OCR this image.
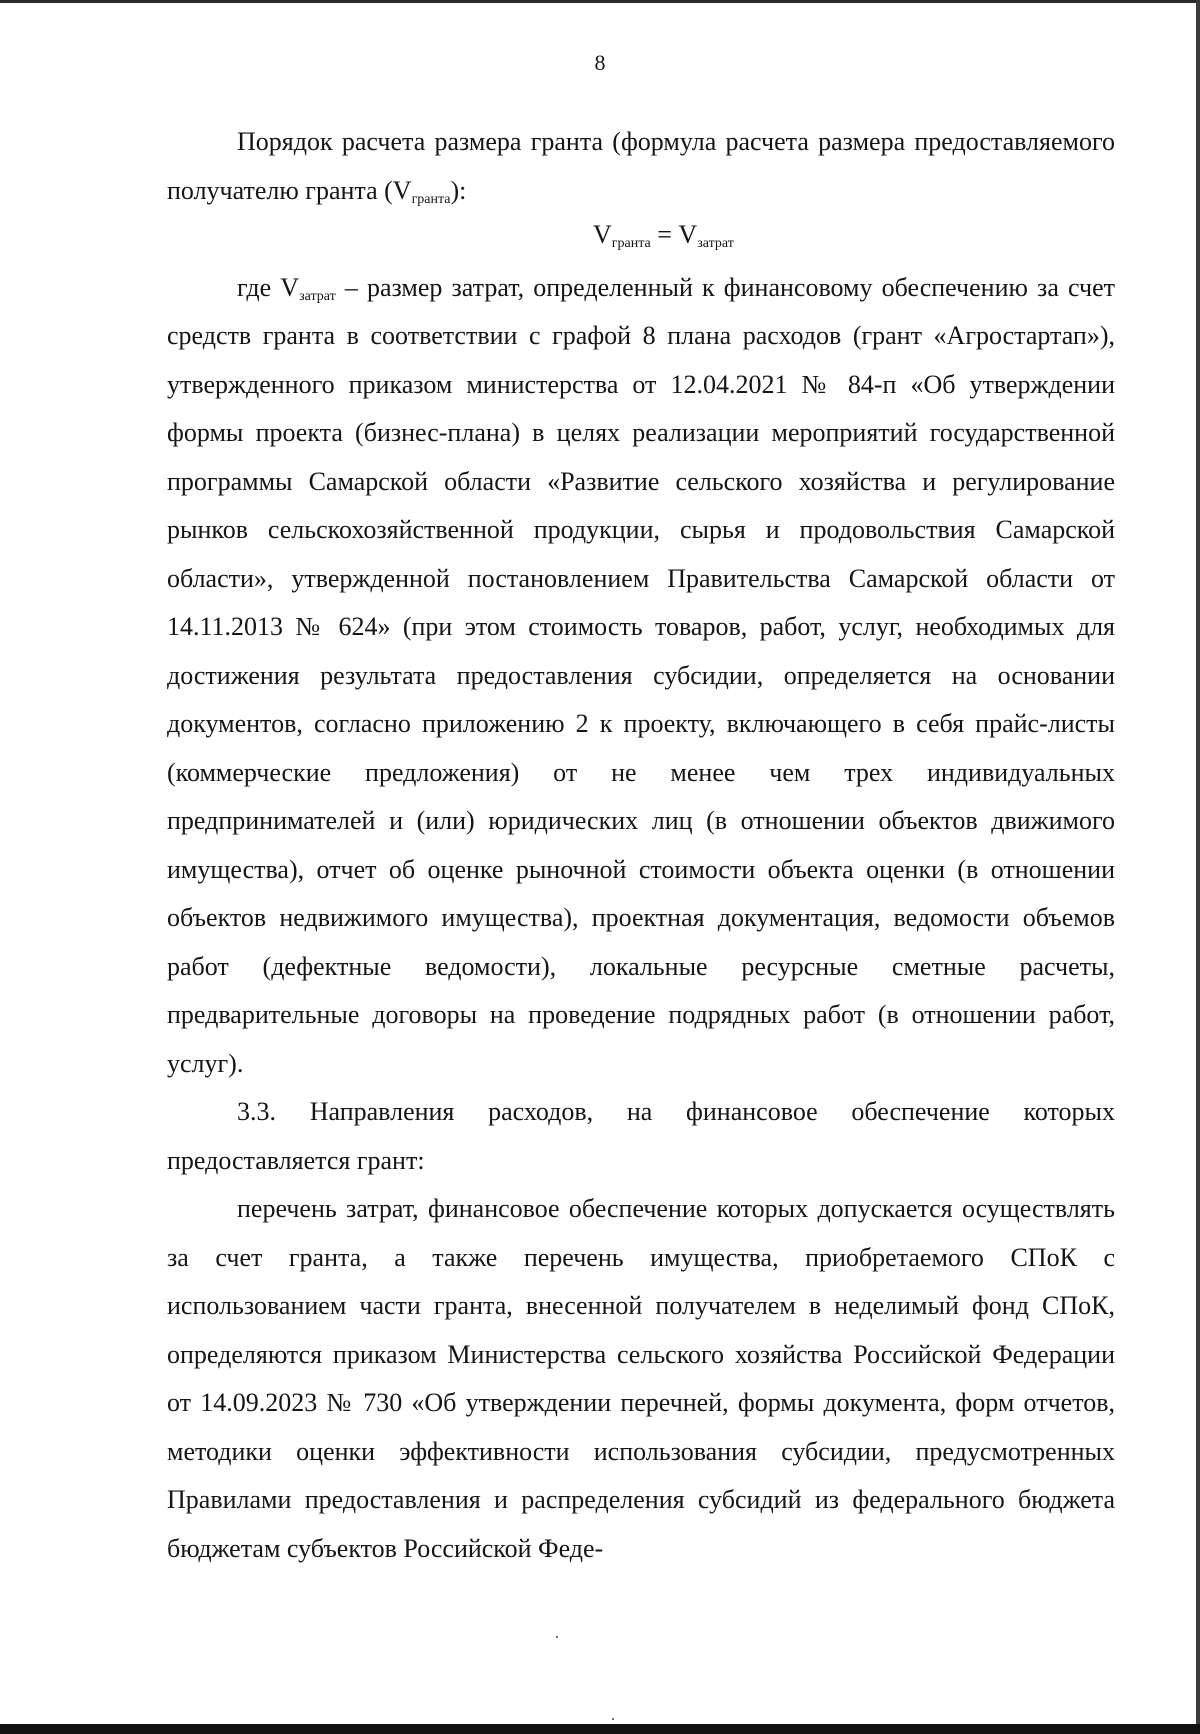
8

Порядок расчета размера гранта (формула расчета размера предоставляемого получателю гранта $(V_{гранта})$:

$V_{гранта} = V_{затрат}$

где $V_{затрат}$ – размер затрат, определенный к финансовому обеспечению за счет средств гранта в соответствии с графой 8 плана расходов (грант «Агростартап»), утвержденного приказом министерства от 12.04.2021 № 84-п «Об утверждении формы проекта (бизнес-плана) в целях реализации мероприятий государственной программы Самарской области «Развитие сельского хозяйства и регулирование рынков сельскохозяйственной продукции, сырья и продовольствия Самарской области», утвержденной постановлением Правительства Самарской области от 14.11.2013 № 624» (при этом стоимость товаров, работ, услуг, необходимых для достижения результата предоставления субсидии, определяется на основании документов, согласно приложению 2 к проекту, включающего в себя прайс-листы (коммерческие предложения) от не менее чем трех индивидуальных предпринимателей и (или) юридических лиц (в отношении объектов движимого имущества), отчет об оценке рыночной стоимости объекта оценки (в отношении объектов недвижимого имущества), проектная документация, ведомости объемов работ (дефектные ведомости), локальные ресурсные сметные расчеты, предварительные договоры на проведение подрядных работ (в отношении работ, услуг).

3.3. Направления расходов, на финансовое обеспечение которых предоставляется грант:

перечень затрат, финансовое обеспечение которых допускается осуществлять за счет гранта, а также перечень имущества, приобретаемого СПоК с использованием части гранта, внесенной получателем в неделимый фонд СПоК, определяются приказом Министерства сельского хозяйства Российской Федерации от 14.09.2023 № 730 «Об утверждении перечней, формы документа, форм отчетов, методики оценки эффективности использования субсидии, предусмотренных Правилами предоставления и распределения субсидий из федерального бюджета бюджетам субъектов Российской Феде-
